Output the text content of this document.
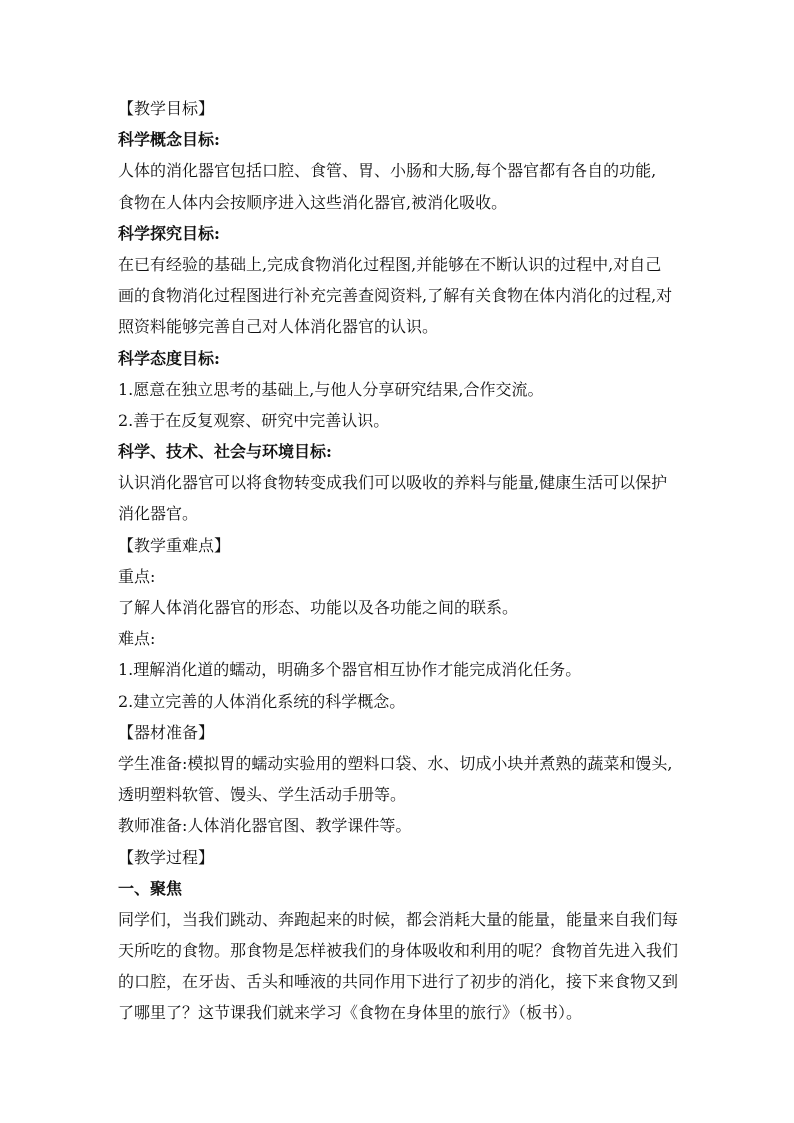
【教学目标】
科学概念目标:
人体的消化器官包括口腔、食管、胃、小肠和大肠,每个器官都有各自的功能,
食物在人体内会按顺序进入这些消化器官,被消化吸收。
科学探究目标:
在已有经验的基础上,完成食物消化过程图,并能够在不断认识的过程中,对自己
画的食物消化过程图进行补充完善查阅资料,了解有关食物在体内消化的过程,对
照资料能够完善自己对人体消化器官的认识。
科学态度目标:
1.愿意在独立思考的基础上,与他人分享研究结果,合作交流。
2.善于在反复观察、研究中完善认识。
科学、技术、社会与环境目标:
认识消化器官可以将食物转变成我们可以吸收的养料与能量,健康生活可以保护
消化器官。
【教学重难点】
重点:
了解人体消化器官的形态、功能以及各功能之间的联系。
难点:
1.理解消化道的蠕动，明确多个器官相互协作才能完成消化任务。
2.建立完善的人体消化系统的科学概念。
【器材准备】
学生准备:模拟胃的蠕动实验用的塑料口袋、水、切成小块并煮熟的蔬菜和馒头,
透明塑料软管、馒头、学生活动手册等。
教师准备:人体消化器官图、教学课件等。
【教学过程】
一、聚焦
同学们，当我们跳动、奔跑起来的时候，都会消耗大量的能量，能量来自我们每
天所吃的食物。那食物是怎样被我们的身体吸收和利用的呢？食物首先进入我们
的口腔，在牙齿、舌头和唾液的共同作用下进行了初步的消化，接下来食物又到
了哪里了？这节课我们就来学习《食物在身体里的旅行》（板书）。
